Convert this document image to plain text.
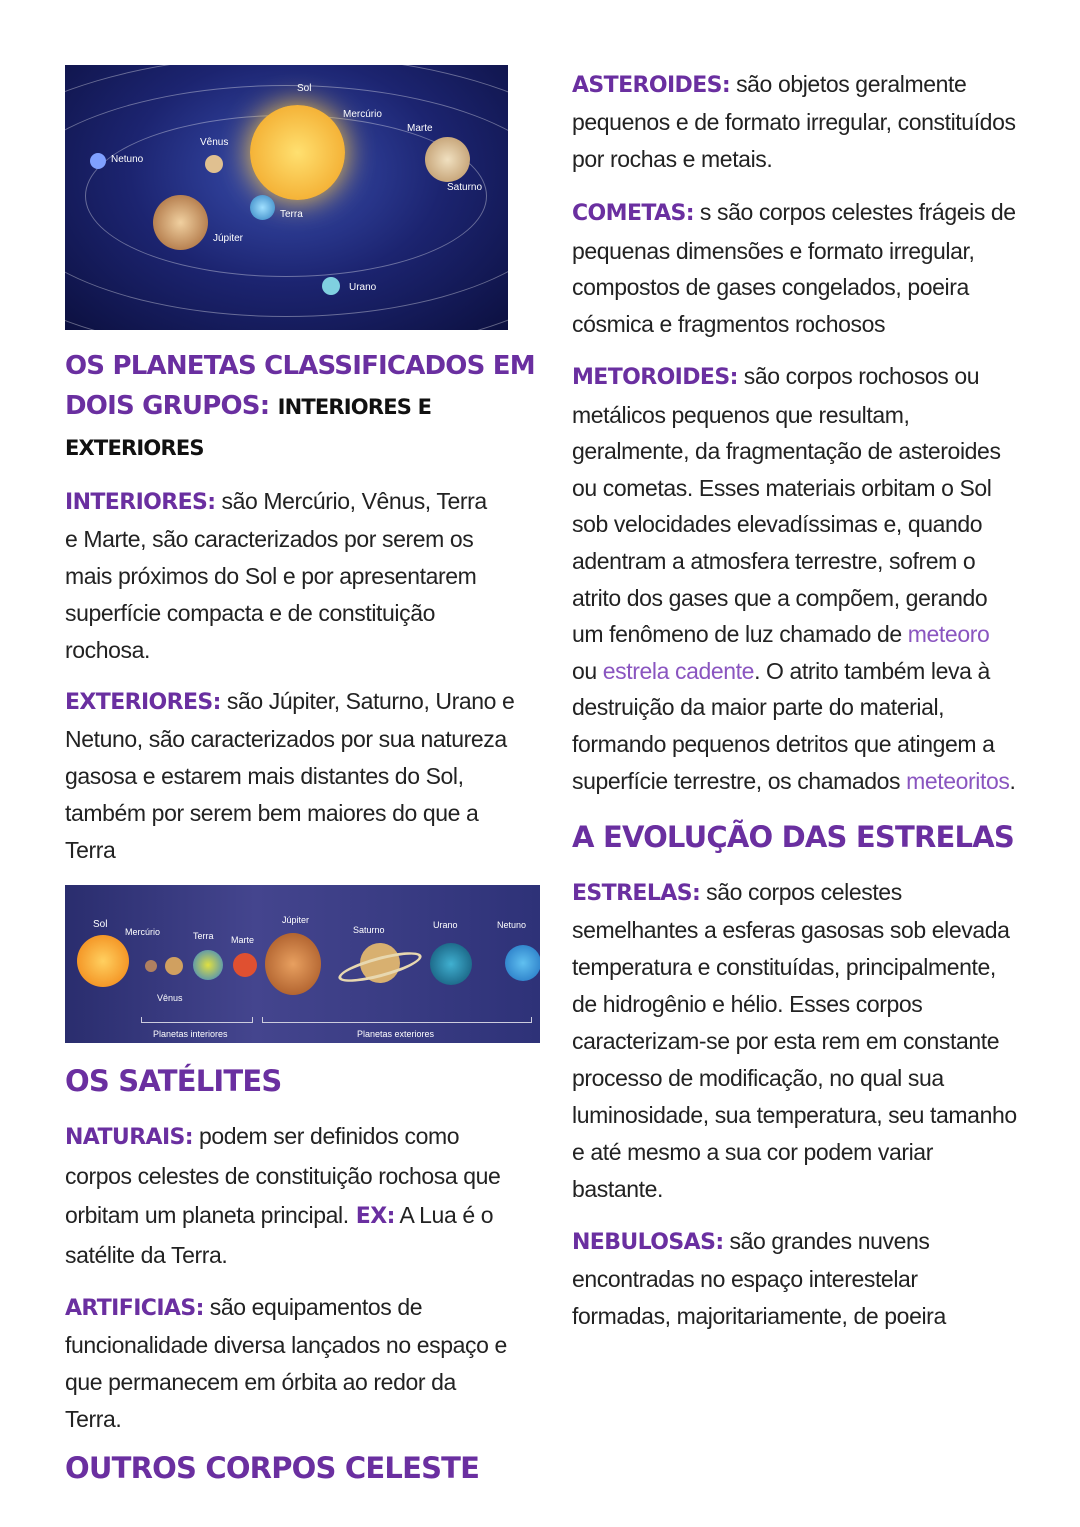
Sol
Mercúrio
Marte
Vênus
Netuno
Saturno
Terra
Júpiter
Urano
OS PLANETAS CLASSIFICADOS EM
DOIS GRUPOS: INTERIORES E EXTERIORES
INTERIORES: são Mercúrio, Vênus, Terra e Marte, são caracterizados por serem os mais próximos do Sol e por apresentarem superfície compacta e de constituição rochosa.
EXTERIORES: são Júpiter, Saturno, Urano e Netuno, são caracterizados por sua natureza gasosa e estarem mais distantes do Sol, também por serem bem maiores do que a Terra
Sol
Mercúrio
Vênus
Terra Marte
Júpiter
Saturno	Urano	Netuno
Planetas interiores	Planetas exteriores
OS SATÉLITES
NATURAIS: podem ser definidos como corpos celestes de constituição rochosa que orbitam um planeta principal. EX: A Lua é o satélite da Terra.
ARTIFICIAS: são equipamentos de funcionalidade diversa lançados no espaço e que permanecem em órbita ao redor da Terra.
OUTROS CORPOS CELESTE
ASTEROIDES: são objetos geralmente pequenos e de formato irregular, constituídos por rochas e metais.
COMETAS: s são corpos celestes frágeis de pequenas dimensões e formato irregular, compostos de gases congelados, poeira cósmica e fragmentos rochosos
METOROIDES: são corpos rochosos ou metálicos pequenos que resultam, geralmente, da fragmentação de asteroides ou cometas. Esses materiais orbitam o Sol sob velocidades elevadíssimas e, quando adentram a atmosfera terrestre, sofrem o atrito dos gases que a compõem, gerando um fenômeno de luz chamado de meteoro ou estrela cadente. O atrito também leva à destruição da maior parte do material, formando pequenos detritos que atingem a superfície terrestre, os chamados meteoritos.
A EVOLUÇÃO DAS ESTRELAS
ESTRELAS: são corpos celestes semelhantes a esferas gasosas sob elevada temperatura e constituídas, principalmente, de hidrogênio e hélio. Esses corpos caracterizam-se por esta rem em constante processo de modificação, no qual sua luminosidade, sua temperatura, seu tamanho e até mesmo a sua cor podem variar bastante.
NEBULOSAS: são grandes nuvens encontradas no espaço interestelar formadas, majoritariamente, de poeira
